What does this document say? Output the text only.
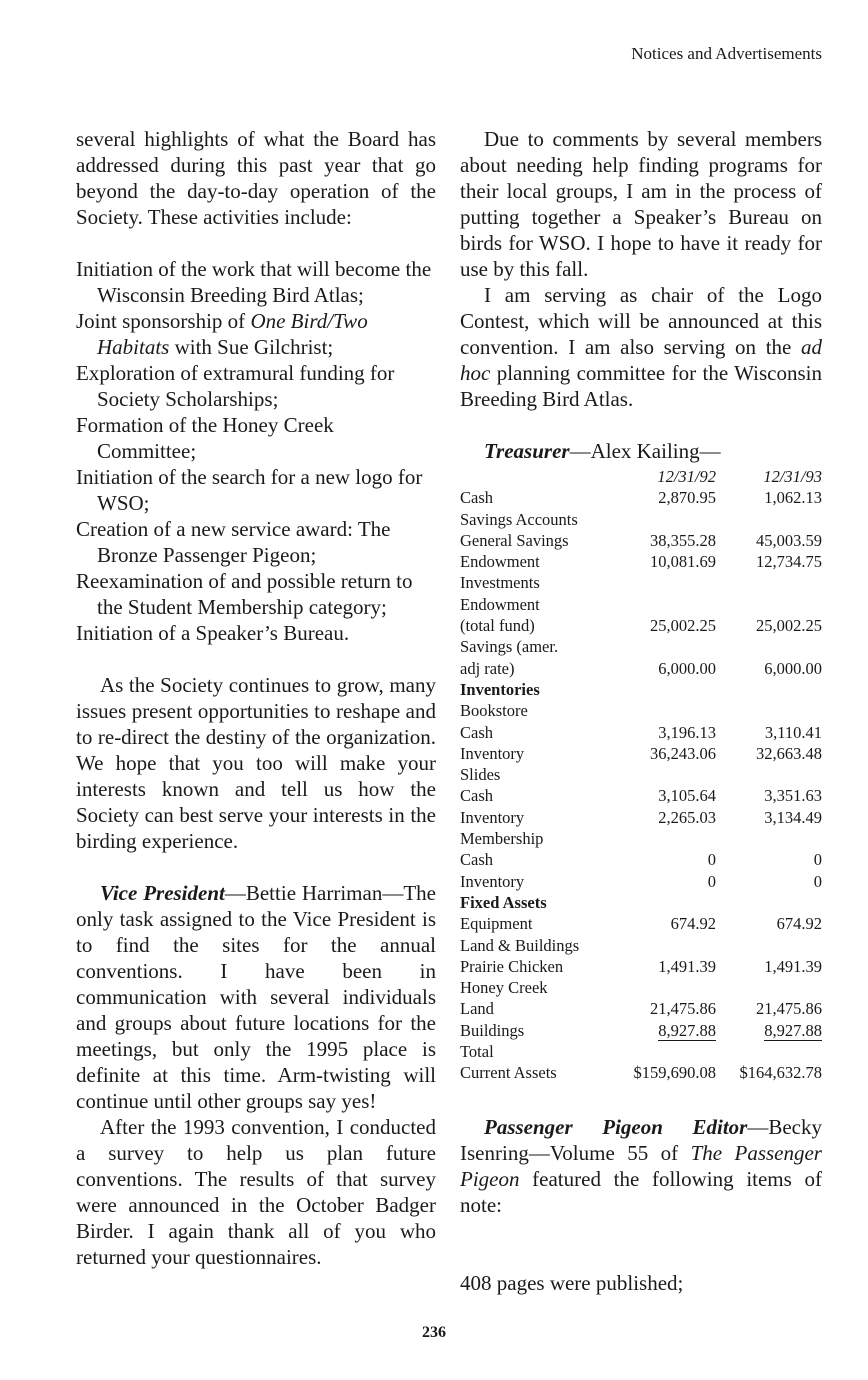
Notices and Advertisements

several highlights of what the Board has addressed during this past year that go beyond the day-to-day operation of the Society. These activities include:

Initiation of the work that will become the Wisconsin Breeding Bird Atlas;

Joint sponsorship of One Bird/Two Habitats with Sue Gilchrist;

Exploration of extramural funding for Society Scholarships;

Formation of the Honey Creek Committee;

Initiation of the search for a new logo for WSO;

Creation of a new service award: The Bronze Passenger Pigeon;

Reexamination of and possible return to the Student Membership category;

Initiation of a Speaker’s Bureau.

As the Society continues to grow, many issues present opportunities to reshape and to re-direct the destiny of the organization. We hope that you too will make your interests known and tell us how the Society can best serve your interests in the birding experience.

Vice President—Bettie Harriman—The only task assigned to the Vice President is to find the sites for the annual conventions. I have been in communication with several individuals and groups about future locations for the meetings, but only the 1995 place is definite at this time. Arm-twisting will continue until other groups say yes!

After the 1993 convention, I conducted a survey to help us plan future conventions. The results of that survey were announced in the October Badger Birder. I again thank all of you who returned your questionnaires.

Due to comments by several members about needing help finding programs for their local groups, I am in the process of putting together a Speaker’s Bureau on birds for WSO. I hope to have it ready for use by this fall.

I am serving as chair of the Logo Contest, which will be announced at this convention. I am also serving on the ad hoc planning committee for the Wisconsin Breeding Bird Atlas.

Treasurer—Alex Kailing—

	12/31/92	12/31/93
Cash	2,870.95	1,062.13
Savings Accounts		
General Savings	38,355.28	45,003.59
Endowment	10,081.69	12,734.75
Investments		
Endowment		
(total fund)	25,002.25	25,002.25
Savings (amer.		
adj rate)	6,000.00	6,000.00
Inventories		
Bookstore		
Cash	3,196.13	3,110.41
Inventory	36,243.06	32,663.48
Slides		
Cash	3,105.64	3,351.63
Inventory	2,265.03	3,134.49
Membership		
Cash	0	0
Inventory	0	0
Fixed Assets		
Equipment	674.92	674.92
Land & Buildings		
Prairie Chicken	1,491.39	1,491.39
Honey Creek		
Land	21,475.86	21,475.86
Buildings	8,927.88	8,927.88
Total		
Current Assets	$159,690.08	$164,632.78

Passenger Pigeon Editor—Becky Isenring—Volume 55 of The Passenger Pigeon featured the following items of note:

408 pages were published;

236
